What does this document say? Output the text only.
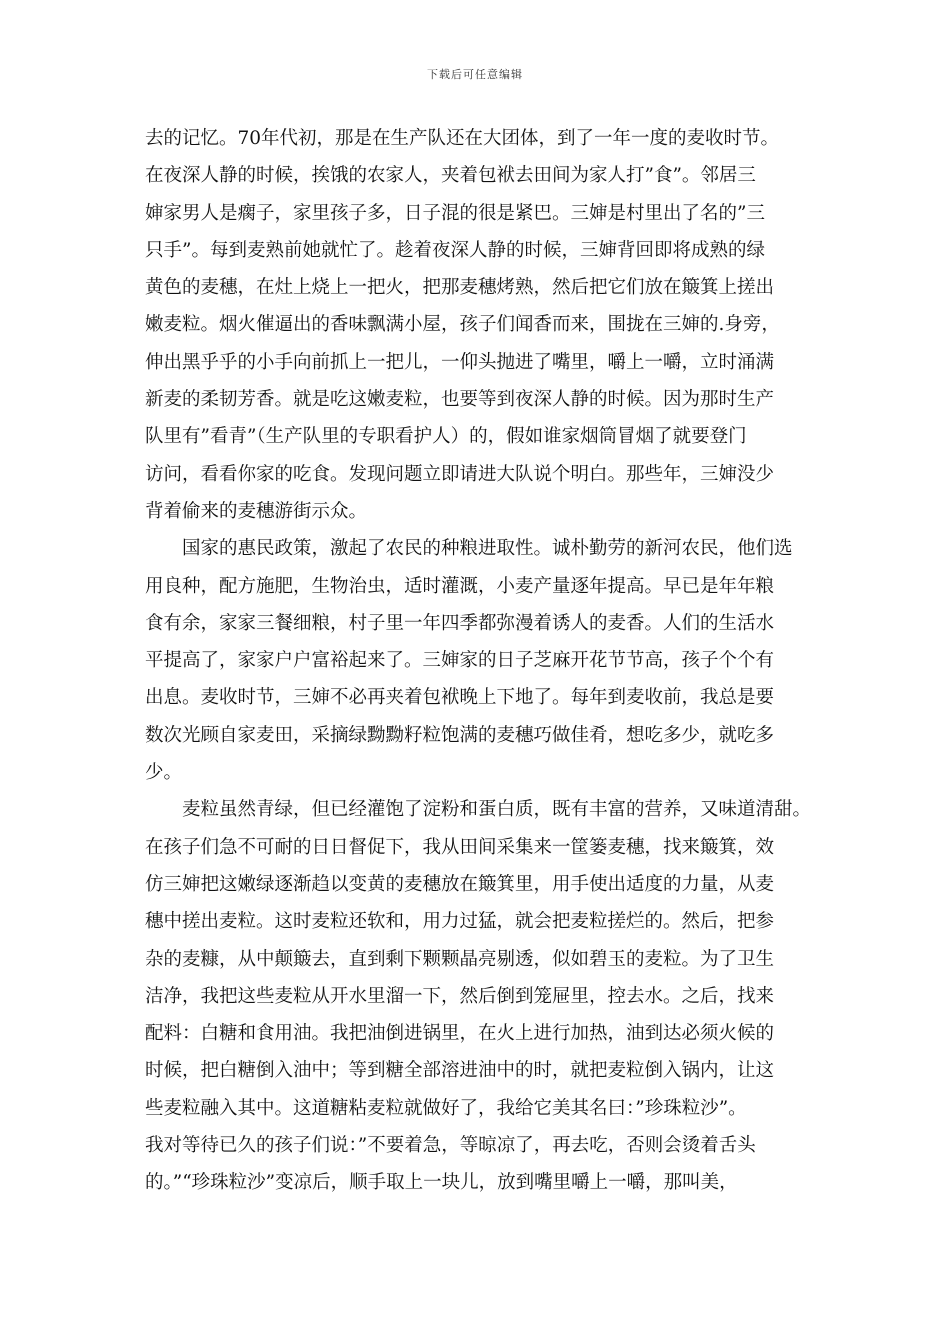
下载后可任意编辑
去的记忆。70年代初，那是在生产队还在大团体，到了一年一度的麦收时节。
在夜深人静的时候，挨饿的农家人，夹着包袱去田间为家人打”食”。邻居三
婶家男人是瘸子，家里孩子多，日子混的很是紧巴。三婶是村里出了名的”三
只手”。每到麦熟前她就忙了。趁着夜深人静的时候，三婶背回即将成熟的绿
黄色的麦穗，在灶上烧上一把火，把那麦穗烤熟，然后把它们放在簸箕上搓出
嫩麦粒。烟火催逼出的香味飘满小屋，孩子们闻香而来，围拢在三婶的.身旁，
伸出黑乎乎的小手向前抓上一把儿，一仰头抛进了嘴里，嚼上一嚼，立时涌满
新麦的柔韧芳香。就是吃这嫩麦粒，也要等到夜深人静的时候。因为那时生产
队里有”看青”（生产队里的专职看护人）的，假如谁家烟筒冒烟了就要登门
访问，看看你家的吃食。发现问题立即请进大队说个明白。那些年，三婶没少
背着偷来的麦穗游街示众。
国家的惠民政策，激起了农民的种粮进取性。诚朴勤劳的新河农民，他们选
用良种，配方施肥，生物治虫，适时灌溉，小麦产量逐年提高。早已是年年粮
食有余，家家三餐细粮，村子里一年四季都弥漫着诱人的麦香。人们的生活水
平提高了，家家户户富裕起来了。三婶家的日子芝麻开花节节高，孩子个个有
出息。麦收时节，三婶不必再夹着包袱晚上下地了。每年到麦收前，我总是要
数次光顾自家麦田，采摘绿黝黝籽粒饱满的麦穗巧做佳肴，想吃多少，就吃多
少。
麦粒虽然青绿，但已经灌饱了淀粉和蛋白质，既有丰富的营养，又味道清甜。
在孩子们急不可耐的日日督促下，我从田间采集来一筐篓麦穗，找来簸箕，效
仿三婶把这嫩绿逐渐趋以变黄的麦穗放在簸箕里，用手使出适度的力量，从麦
穗中搓出麦粒。这时麦粒还软和，用力过猛，就会把麦粒搓烂的。然后，把参
杂的麦糠，从中颠簸去，直到剩下颗颗晶亮剔透，似如碧玉的麦粒。为了卫生
洁净，我把这些麦粒从开水里溜一下，然后倒到笼屉里，控去水。之后，找来
配料：白糖和食用油。我把油倒进锅里，在火上进行加热，油到达必须火候的
时候，把白糖倒入油中；等到糖全部溶进油中的时，就把麦粒倒入锅内，让这
些麦粒融入其中。这道糖粘麦粒就做好了，我给它美其名曰：”珍珠粒沙”。
我对等待已久的孩子们说：”不要着急，等晾凉了，再去吃，否则会烫着舌头
的。”“珍珠粒沙”变凉后，顺手取上一块儿，放到嘴里嚼上一嚼，那叫美，
